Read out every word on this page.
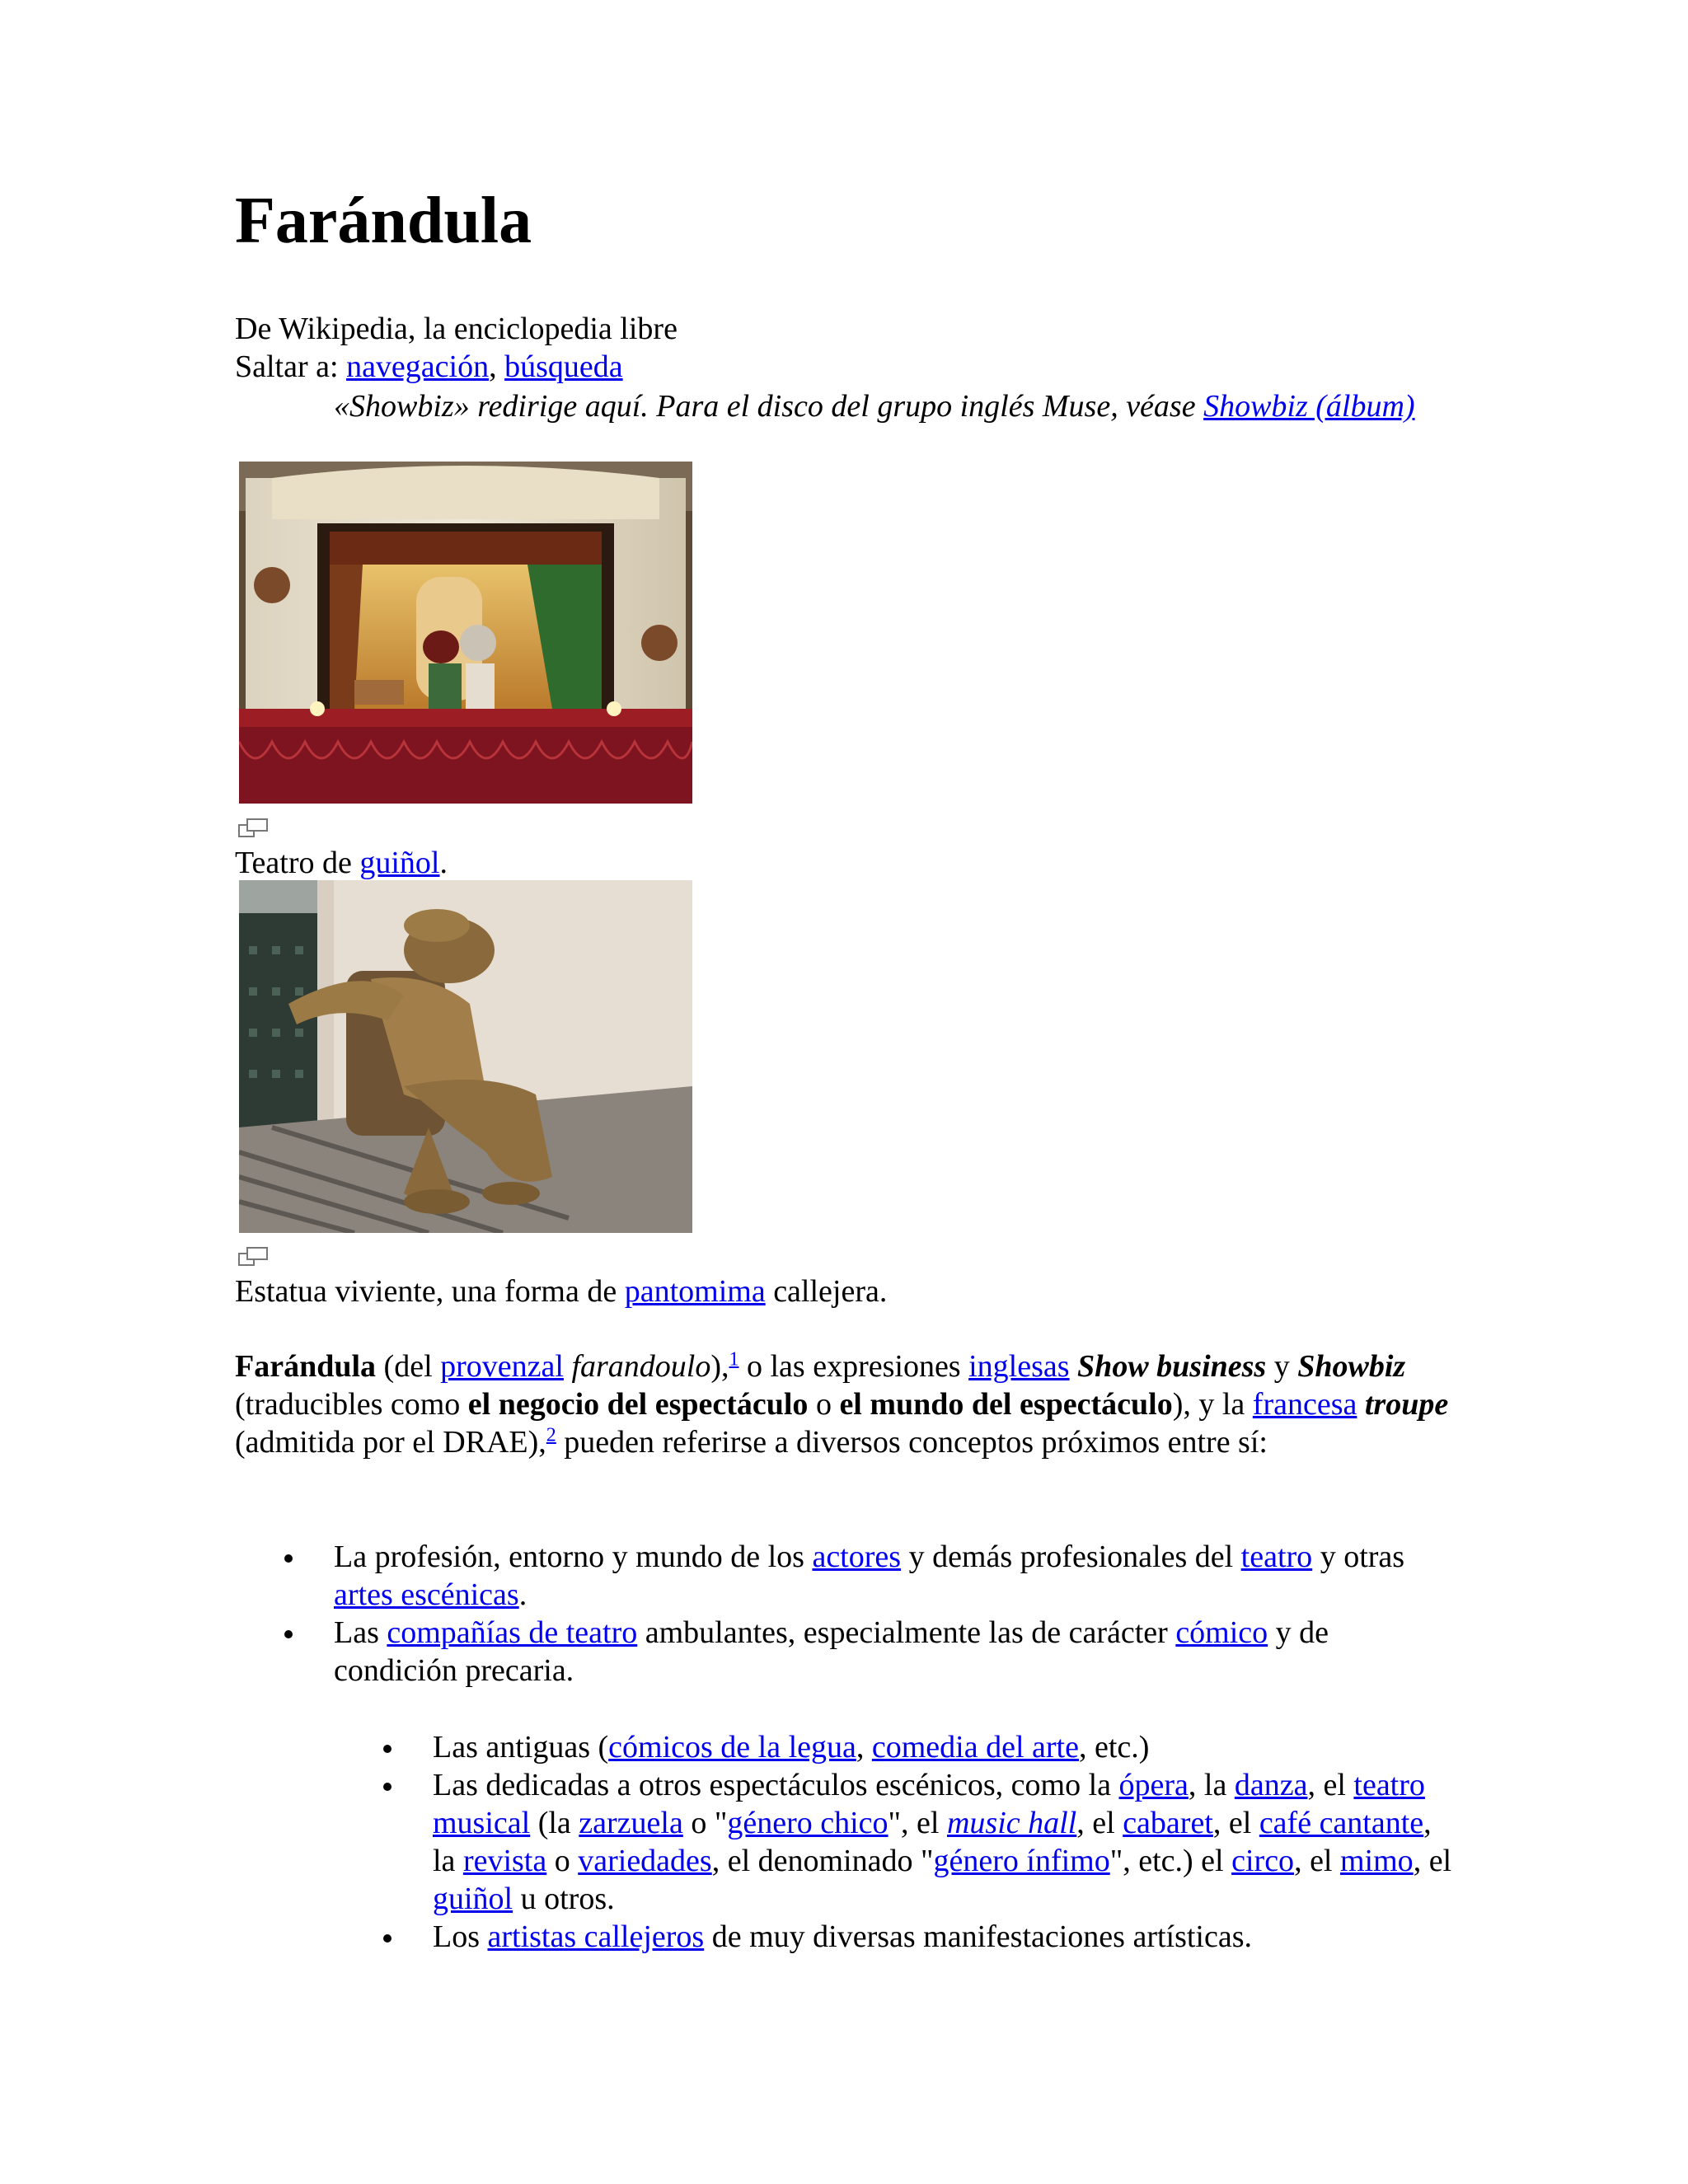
Farándula
De Wikipedia, la enciclopedia libre
Saltar a: navegación, búsqueda
«Showbiz» redirige aquí. Para el disco del grupo inglés Muse, véase Showbiz (álbum)
Teatro de guiñol.
Estatua viviente, una forma de pantomima callejera.
Farándula (del provenzal farandoulo),$^1$ o las expresiones inglesas Show business y Showbiz (traducibles como el negocio del espectáculo o el mundo del espectáculo), y la francesa troupe (admitida por el DRAE),$^2$ pueden referirse a diversos conceptos próximos entre sí:
La profesión, entorno y mundo de los actores y demás profesionales del teatro y otras artes escénicas.
Las compañías de teatro ambulantes, especialmente las de carácter cómico y de condición precaria.
Las antiguas (cómicos de la legua, comedia del arte, etc.)
Las dedicadas a otros espectáculos escénicos, como la ópera, la danza, el teatro musical (la zarzuela o "género chico", el music hall, el cabaret, el café cantante, la revista o variedades, el denominado "género ínfimo", etc.) el circo, el mimo, el guiñol u otros.
Los artistas callejeros de muy diversas manifestaciones artísticas.
